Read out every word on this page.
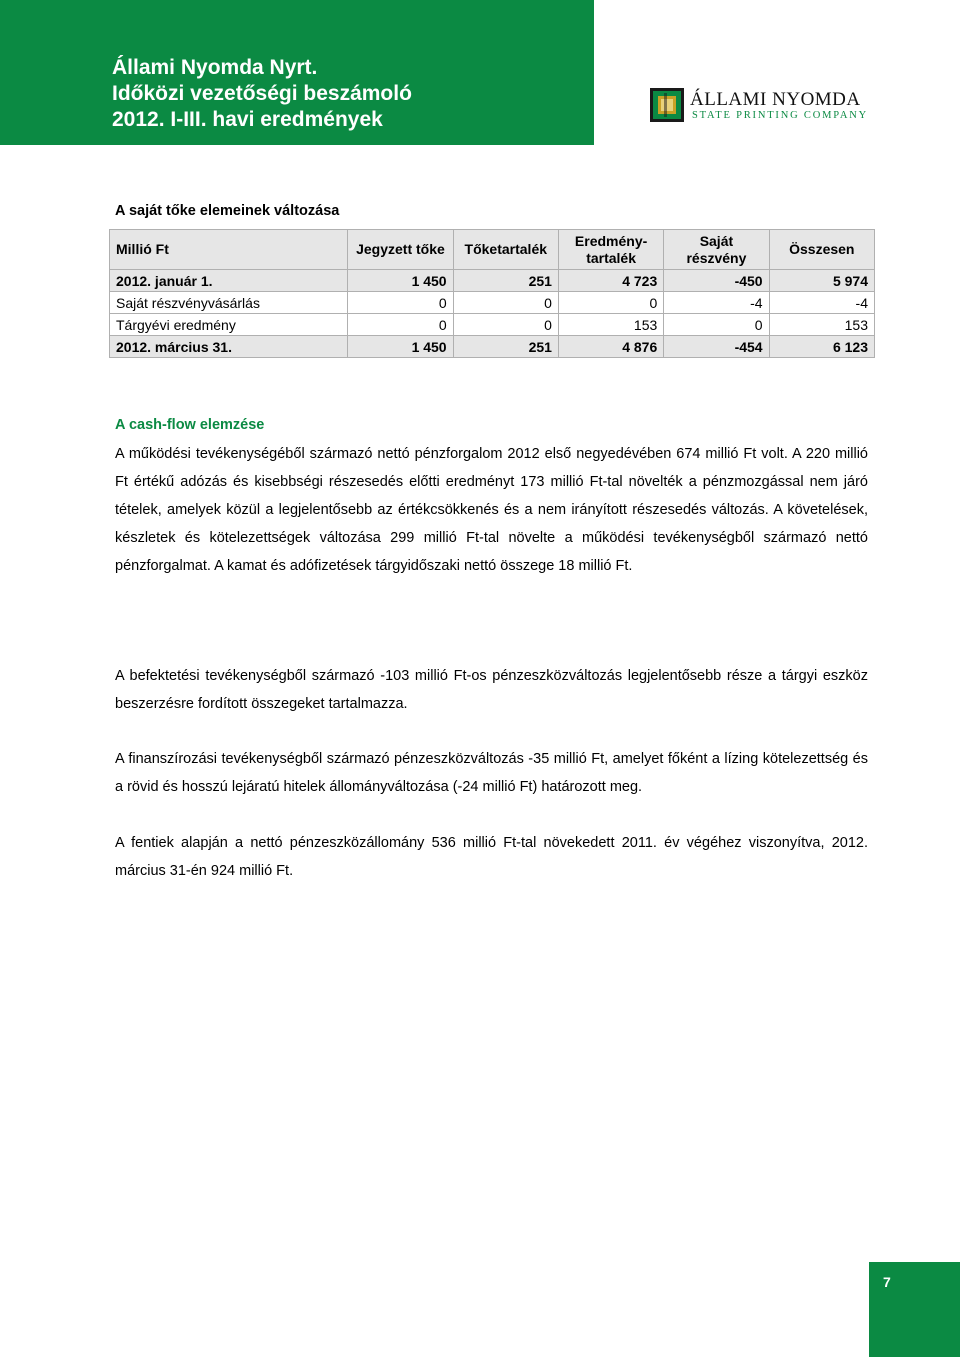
Állami Nyomda Nyrt.
Időközi vezetőségi beszámoló
2012. I-III. havi eredmények
ÁLLAMI NYOMDA
STATE PRINTING COMPANY
A saját tőke elemeinek változása
Millió Ft	Jegyzett tőke	Tőketartalék	Eredmény-tartalék	Saját részvény	Összesen
2012. január 1.	1 450	251	4 723	-450	5 974
Saját részvényvásárlás	0	0	0	-4	-4
Tárgyévi eredmény	0	0	153	0	153
2012. március 31.	1 450	251	4 876	-454	6 123
A cash-flow elemzése

A működési tevékenységéből származó nettó pénzforgalom 2012 első negyedévében 674 millió Ft volt. A 220 millió Ft értékű adózás és kisebbségi részesedés előtti eredményt 173 millió Ft-tal növelték a pénzmozgással nem járó tételek, amelyek közül a legjelentősebb az értékcsökkenés és a nem irányított részesedés változás. A követelések, készletek és kötelezettségek változása 299 millió Ft-tal növelte a működési tevékenységből származó nettó pénzforgalmat. A kamat és adófizetések tárgyidőszaki nettó összege 18 millió Ft.

A befektetési tevékenységből származó -103 millió Ft-os pénzeszközváltozás legjelentősebb része a tárgyi eszköz beszerzésre fordított összegeket tartalmazza.

A finanszírozási tevékenységből származó pénzeszközváltozás -35 millió Ft, amelyet főként a lízing kötelezettség és a rövid és hosszú lejáratú hitelek állományváltozása (-24 millió Ft) határozott meg.

A fentiek alapján a nettó pénzeszközállomány 536 millió Ft-tal növekedett 2011. év végéhez viszonyítva, 2012. március 31-én 924 millió Ft.

7
